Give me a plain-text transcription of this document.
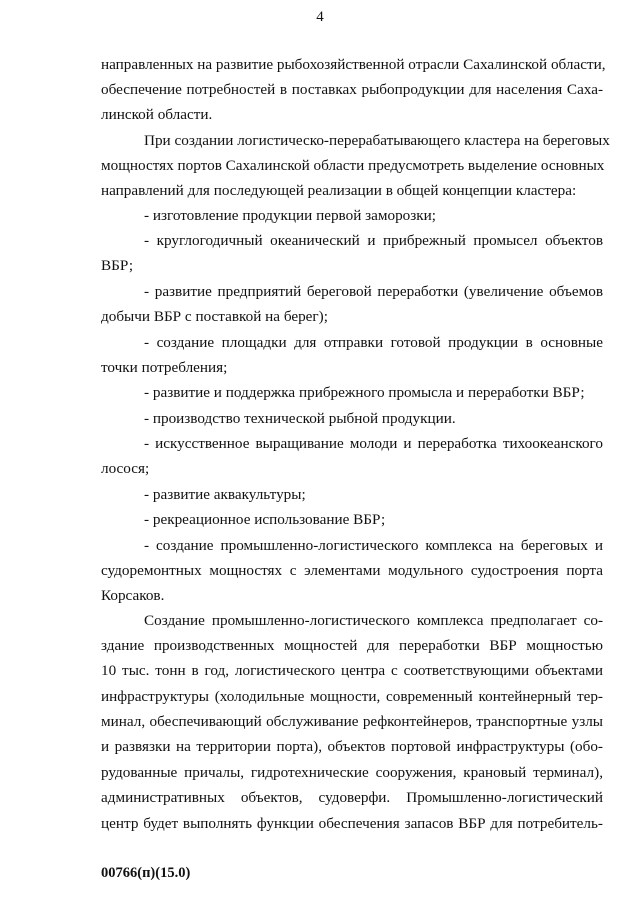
4
направленных на развитие рыбохозяйственной отрасли Сахалинской области,
обеспечение потребностей в поставках рыбопродукции для населения Саха-
линской области.
При создании логистическо-перерабатывающего кластера на береговых
мощностях портов Сахалинской области предусмотреть выделение основных
направлений для последующей реализации в общей концепции кластера:
- изготовление продукции первой заморозки;
- круглогодичный океанический и прибрежный промысел объектов
ВБР;
- развитие предприятий береговой переработки (увеличение объемов
добычи ВБР с поставкой на берег);
- создание площадки для отправки готовой продукции в основные
точки потребления;
- развитие и поддержка прибрежного промысла и переработки ВБР;
- производство технической рыбной продукции.
- искусственное выращивание молоди и переработка тихоокеанского
лосося;
- развитие аквакультуры;
- рекреационное использование ВБР;
- создание промышленно-логистического комплекса на береговых и
судоремонтных мощностях с элементами модульного судостроения порта
Корсаков.
Создание промышленно-логистического комплекса предполагает со-
здание производственных мощностей для переработки ВБР мощностью
10 тыс. тонн в год, логистического центра с соответствующими объектами
инфраструктуры (холодильные мощности, современный контейнерный тер-
минал, обеспечивающий обслуживание рефконтейнеров, транспортные узлы
и развязки на территории порта), объектов портовой инфраструктуры (обо-
рудованные причалы, гидротехнические сооружения, крановый терминал),
административных объектов, судоверфи. Промышленно-логистический
центр будет выполнять функции обеспечения запасов ВБР для потребитель-
00766(п)(15.0)
